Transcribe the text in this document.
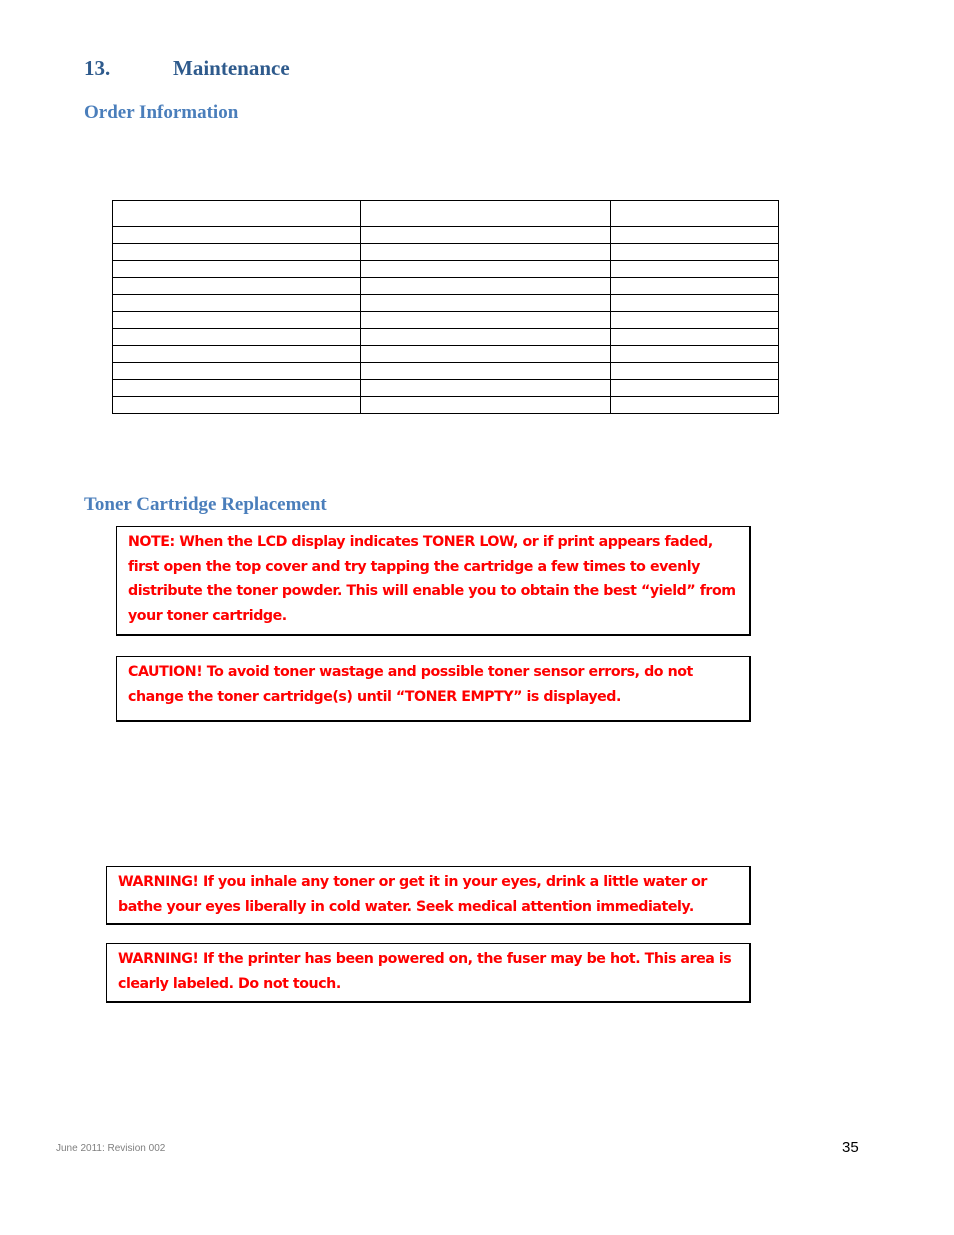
13.	Maintenance
Order Information

Toner Cartridge Replacement
NOTE: When the LCD display indicates TONER LOW, or if print appears faded, first open the top cover and try tapping the cartridge a few times to evenly distribute the toner powder. This will enable you to obtain the best “yield” from your toner cartridge.
CAUTION! To avoid toner wastage and possible toner sensor errors, do not change the toner cartridge(s) until “TONER EMPTY” is displayed.
WARNING! If you inhale any toner or get it in your eyes, drink a little water or bathe your eyes liberally in cold water. Seek medical attention immediately.
WARNING! If the printer has been powered on, the fuser may be hot. This area is clearly labeled. Do not touch.
June 2011: Revision 002	35
